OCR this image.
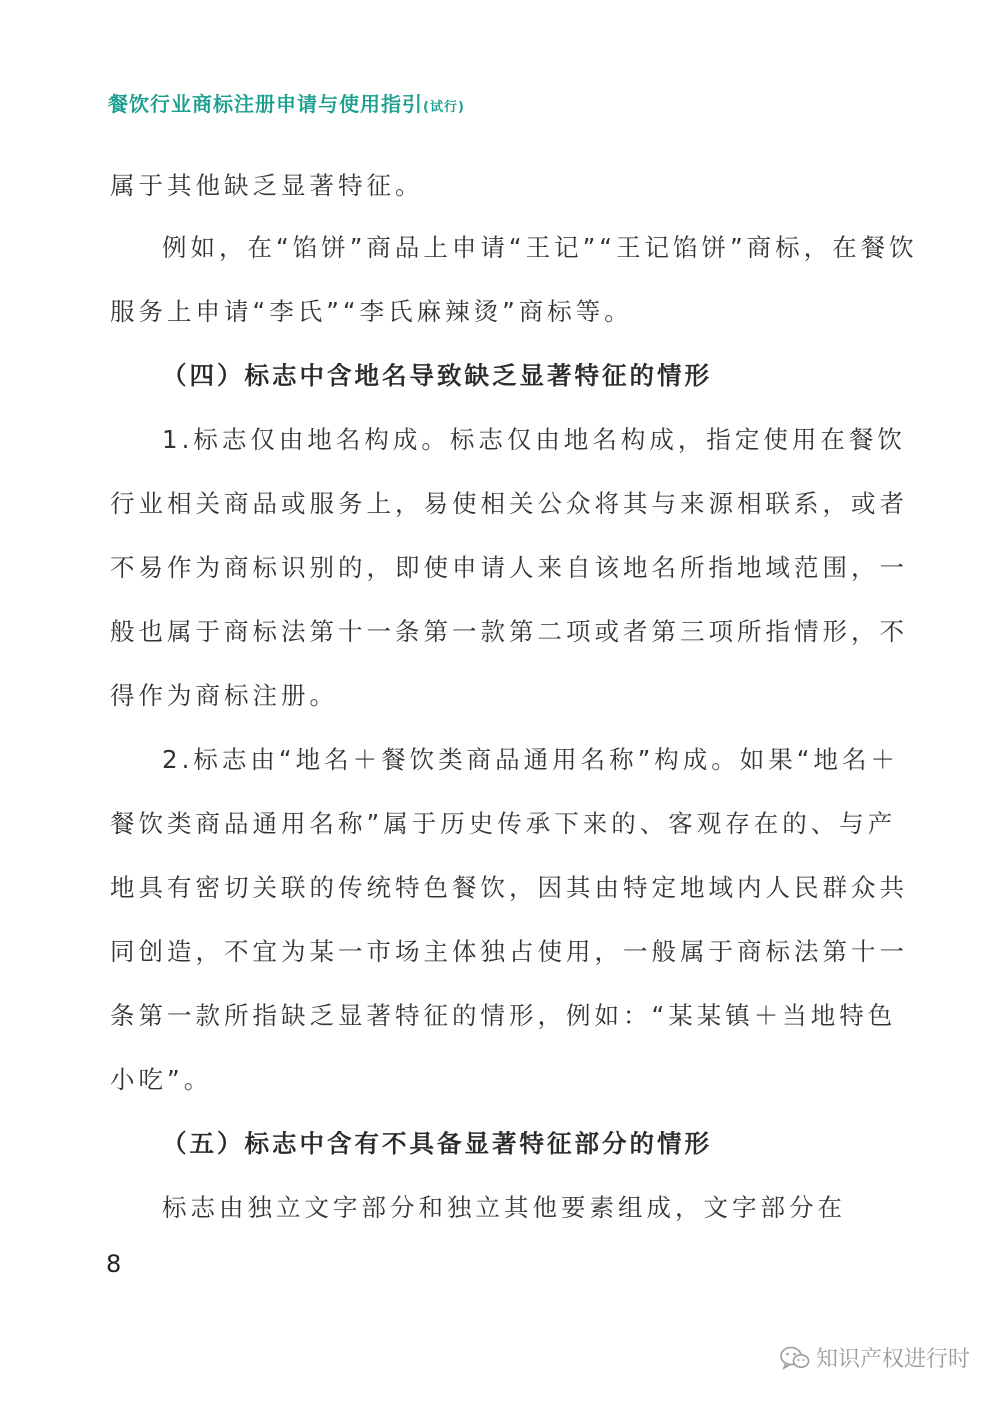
餐饮行业商标注册申请与使用指引(试行)
属于其他缺乏显著特征。
例如，在“馅饼”商品上申请“王记”“王记馅饼”商标，在餐饮
服务上申请“李氏”“李氏麻辣烫”商标等。
（四）标志中含地名导致缺乏显著特征的情形
1.标志仅由地名构成。标志仅由地名构成，指定使用在餐饮
行业相关商品或服务上，易使相关公众将其与来源相联系，或者
不易作为商标识别的，即使申请人来自该地名所指地域范围，一
般也属于商标法第十一条第一款第二项或者第三项所指情形，不
得作为商标注册。
2.标志由“地名＋餐饮类商品通用名称”构成。如果“地名＋
餐饮类商品通用名称”属于历史传承下来的、客观存在的、与产
地具有密切关联的传统特色餐饮，因其由特定地域内人民群众共
同创造，不宜为某一市场主体独占使用，一般属于商标法第十一
条第一款所指缺乏显著特征的情形，例如：“某某镇＋当地特色
小吃”。
（五）标志中含有不具备显著特征部分的情形
标志由独立文字部分和独立其他要素组成，文字部分在
8
知识产权进行时
